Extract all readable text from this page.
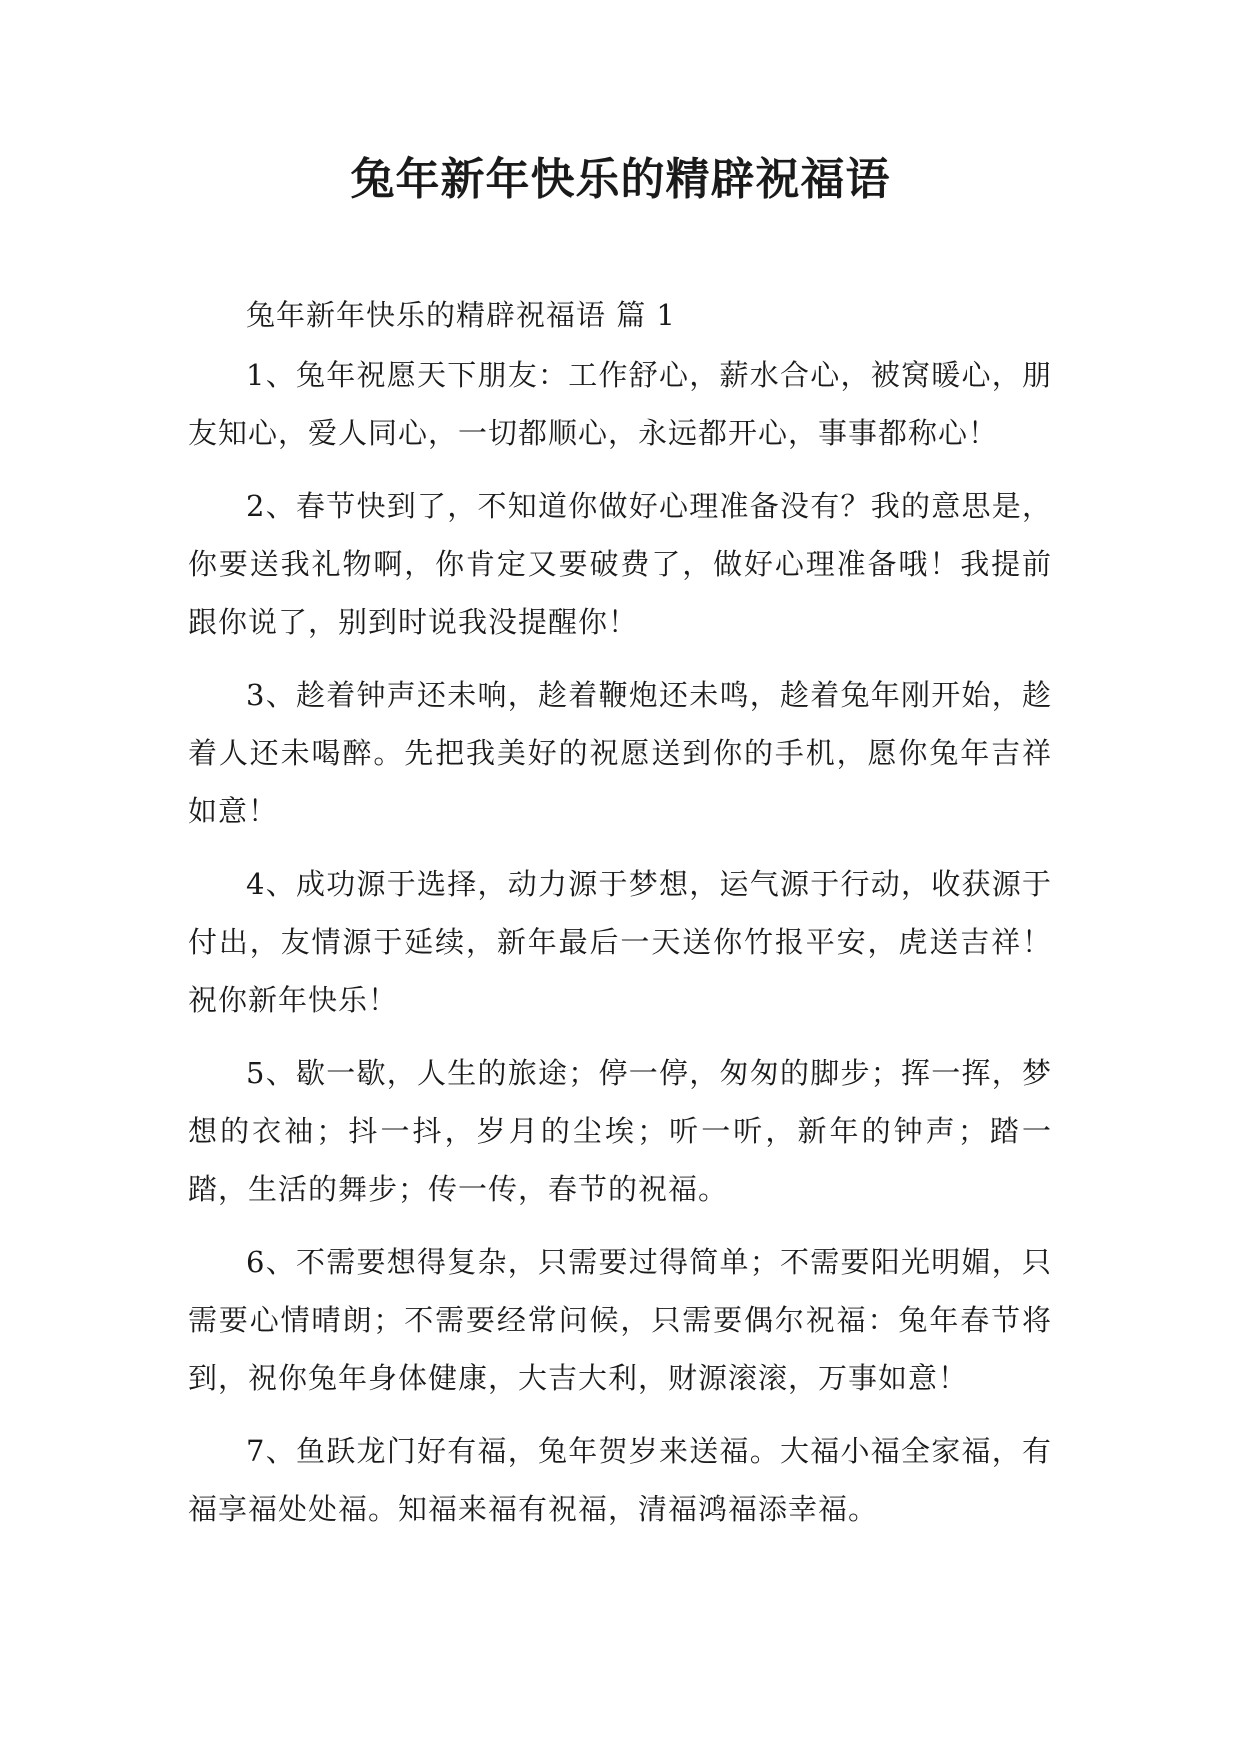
兔年新年快乐的精辟祝福语

兔年新年快乐的精辟祝福语 篇 1

1、兔年祝愿天下朋友：工作舒心，薪水合心，被窝暖心，朋友知心，爱人同心，一切都顺心，永远都开心，事事都称心！

2、春节快到了，不知道你做好心理准备没有？我的意思是，你要送我礼物啊，你肯定又要破费了，做好心理准备哦！我提前跟你说了，别到时说我没提醒你！

3、趁着钟声还未响，趁着鞭炮还未鸣，趁着兔年刚开始，趁着人还未喝醉。先把我美好的祝愿送到你的手机，愿你兔年吉祥如意！

4、成功源于选择，动力源于梦想，运气源于行动，收获源于付出，友情源于延续，新年最后一天送你竹报平安，虎送吉祥！祝你新年快乐！

5、歇一歇，人生的旅途；停一停，匆匆的脚步；挥一挥，梦想的衣袖；抖一抖，岁月的尘埃；听一听，新年的钟声；踏一踏，生活的舞步；传一传，春节的祝福。

6、不需要想得复杂，只需要过得简单；不需要阳光明媚，只需要心情晴朗；不需要经常问候，只需要偶尔祝福：兔年春节将到，祝你兔年身体健康，大吉大利，财源滚滚，万事如意！

7、鱼跃龙门好有福，兔年贺岁来送福。大福小福全家福，有福享福处处福。知福来福有祝福，清福鸿福添幸福。
